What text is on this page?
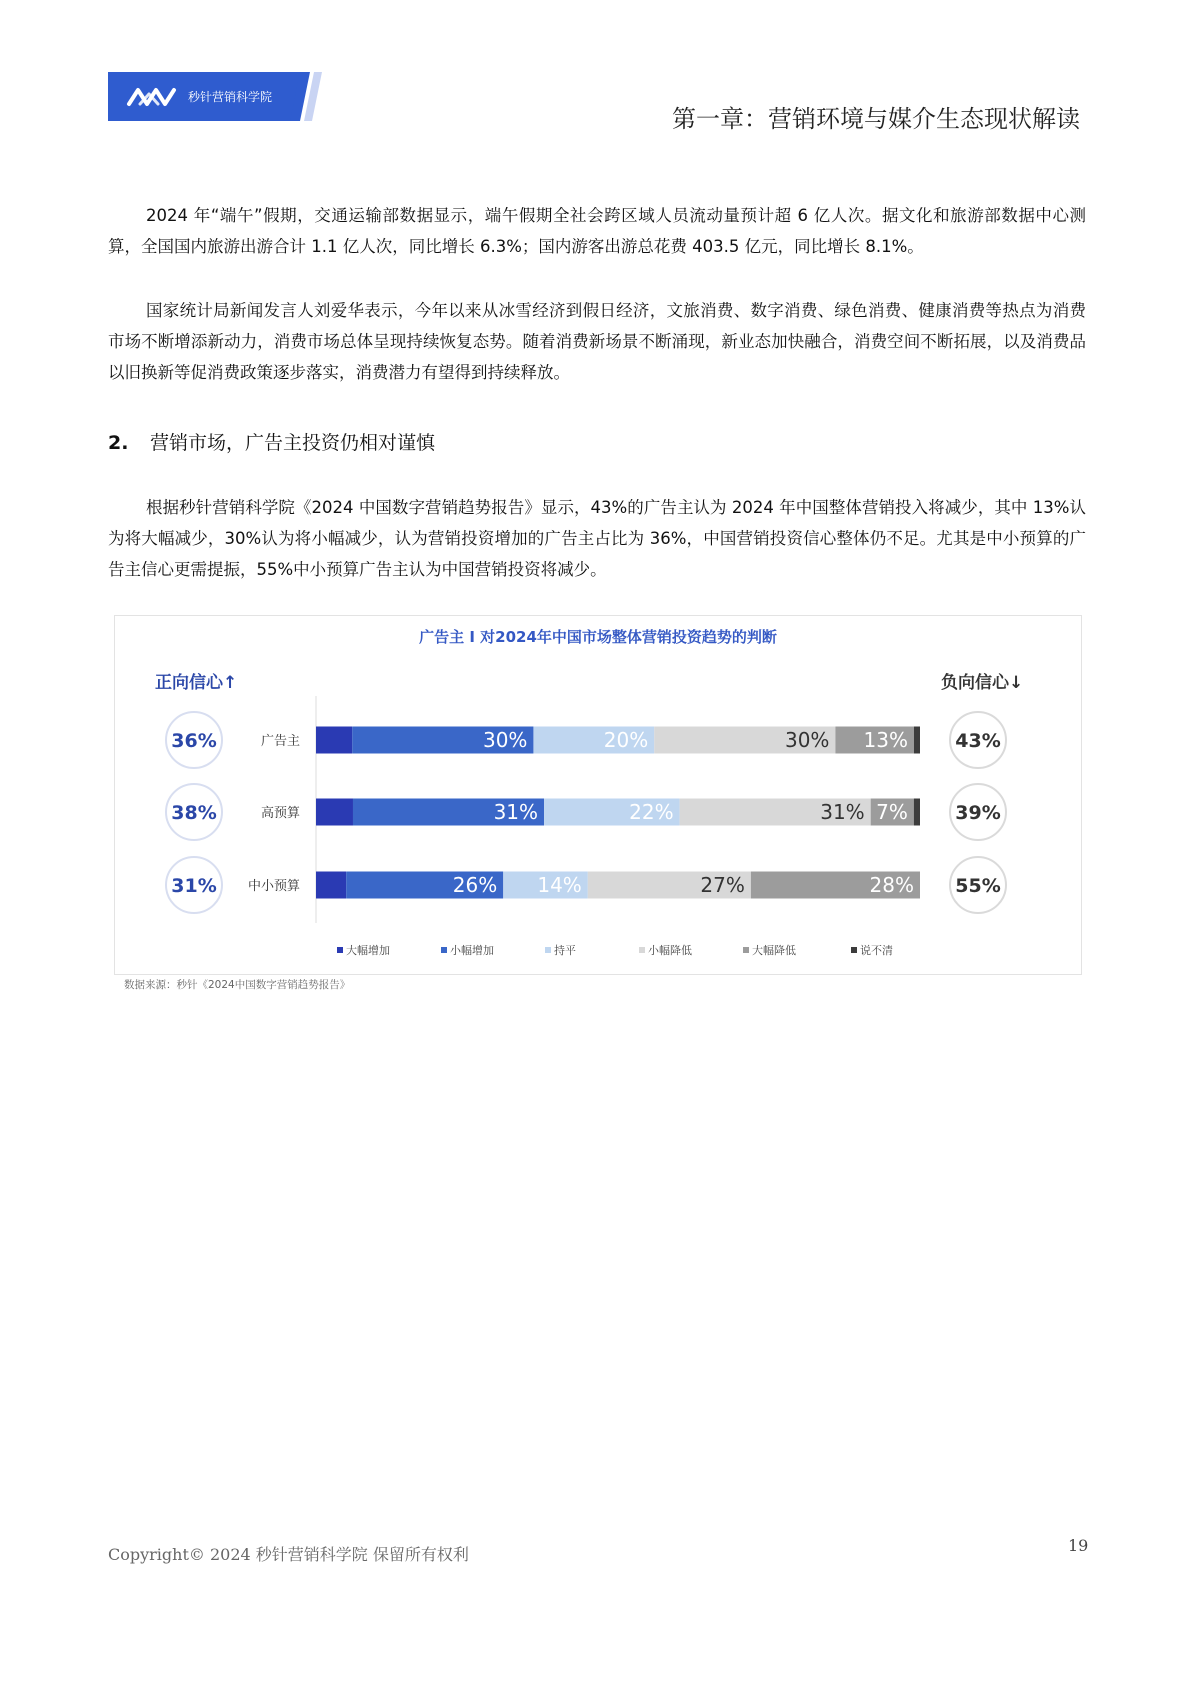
秒针营销科学院
第一章：营销环境与媒介生态现状解读

2024 年“端午”假期，交通运输部数据显示，端午假期全社会跨区域人员流动量预计超 6 亿人次。据文化和旅游部数据中心测算，全国国内旅游出游合计 1.1 亿人次，同比增长 6.3%；国内游客出游总花费 403.5 亿元，同比增长 8.1%。

国家统计局新闻发言人刘爱华表示，今年以来从冰雪经济到假日经济，文旅消费、数字消费、绿色消费、健康消费等热点为消费市场不断增添新动力，消费市场总体呈现持续恢复态势。随着消费新场景不断涌现，新业态加快融合，消费空间不断拓展，以及消费品以旧换新等促消费政策逐步落实，消费潜力有望得到持续释放。

2. 营销市场，广告主投资仍相对谨慎

根据秒针营销科学院《2024 中国数字营销趋势报告》显示，43%的广告主认为 2024 年中国整体营销投入将减少，其中 13%认为将大幅减少，30%认为将小幅减少，认为营销投资增加的广告主占比为 36%，中国营销投资信心整体仍不足。尤其是中小预算的广告主信心更需提振，55%中小预算广告主认为中国营销投资将减少。

广告主 I 对2024年中国市场整体营销投资趋势的判断
正向信心↑	负向信心↓
广告主	30%	20%	30% 13%
36%	43%
高预算	31%	22%	31% 7%
38%	39%
中小预算	26% 14%	27%	28%
31%	55%
大幅增加	小幅增加	持平	小幅降低	大幅降低	说不清
数据来源：秒针《2024中国数字营销趋势报告》
Copyright© 2024 秒针营销科学院 保留所有权利	19
